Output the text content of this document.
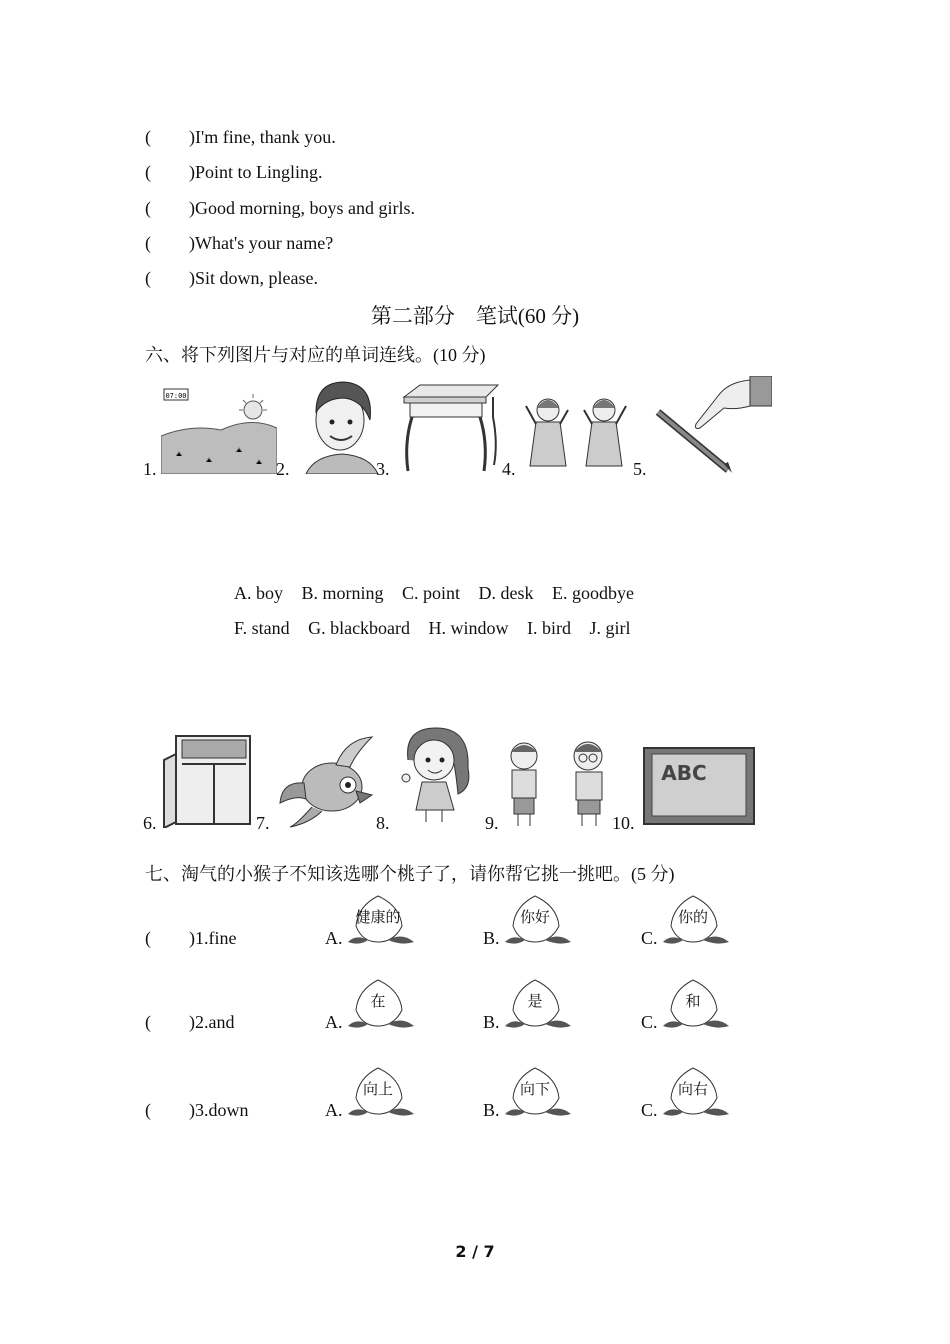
( )I'm fine, thank you.
( )Point to Lingling.
( )Good morning, boys and girls.
( )What's your name?
( )Sit down, please.
第二部分　笔试(60 分)
六、将下列图片与对应的单词连线。(10 分)
1.
07:00
2.	3.	4.	5.
A. boy B. morning C. point D. desk E. goodbye
F. stand G. blackboard H. window I. bird J. girl
6.	7.	8.	9.	10.
ABC
七、淘气的小猴子不知该选哪个桃子了，请你帮它挑一挑吧。(5 分)
( )1.fine	A.
健康的
B.
你好
C.
你的
( )2.and	A.
在
B.
是
C.
和
( )3.down	A.
向上
B.
向下
C.
向右
2 / 7
